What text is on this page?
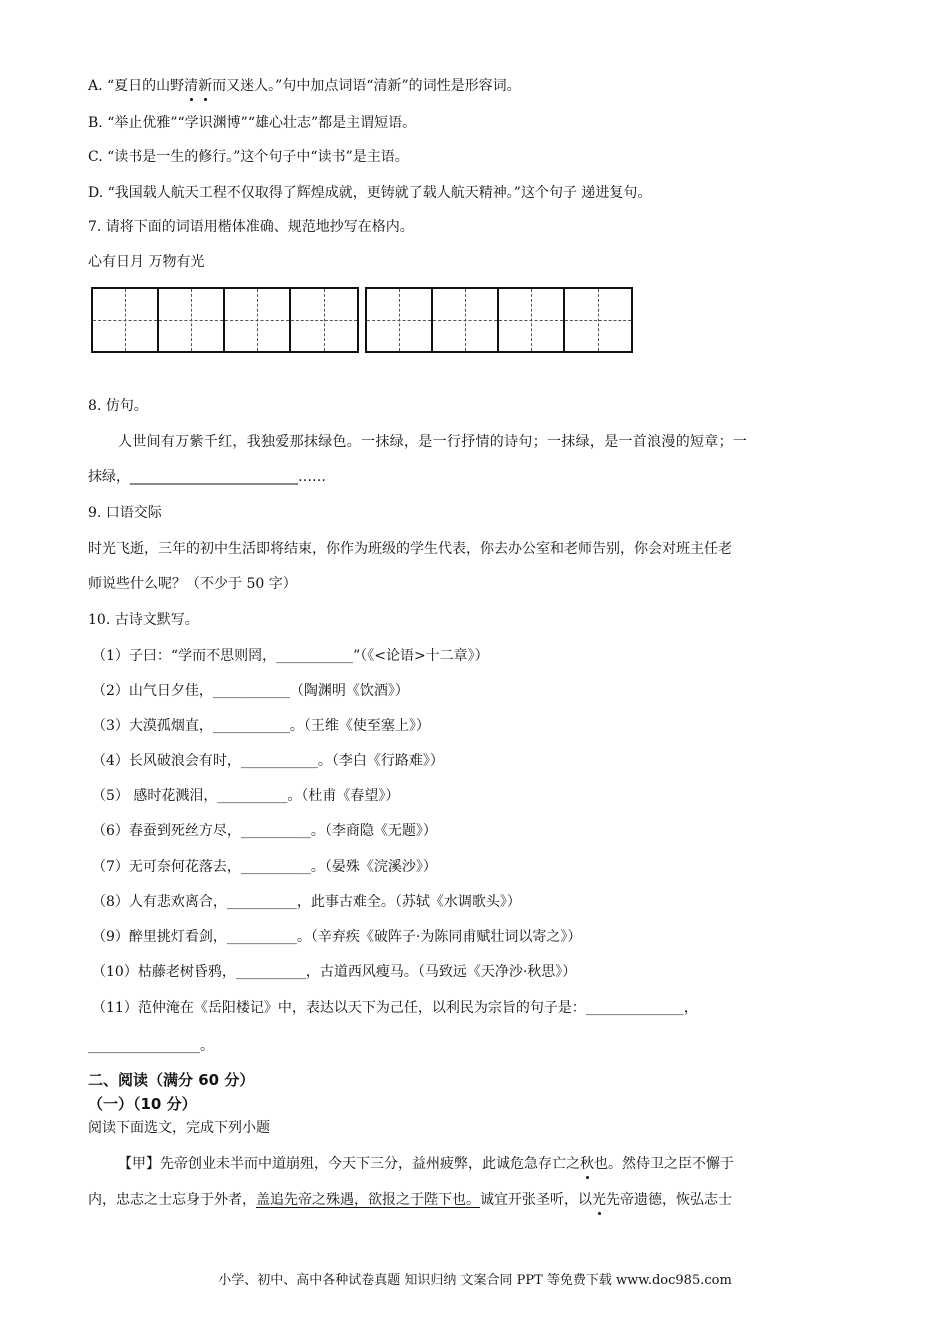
A. “夏日的山野清新而又迷人。”句中加点词语“清新”的词性是形容词。
B. “举止优雅”“学识渊博”“雄心壮志”都是主谓短语。
C. “读书是一生的修行。”这个句子中“读书”是主语。
D. “我国载人航天工程不仅取得了辉煌成就，更铸就了载人航天精神。”这个句子 递进复句。
7. 请将下面的词语用楷体准确、规范地抄写在格内。
心有日月 万物有光
8. 仿句。
人世间有万紫千红，我独爱那抹绿色。一抹绿，是一行抒情的诗句；一抹绿，是一首浪漫的短章；一
抹绿，________________________……
9. 口语交际
时光飞逝，三年的初中生活即将结束，你作为班级的学生代表，你去办公室和老师告别，你会对班主任老
师说些什么呢？（不少于 50 字）
10. 古诗文默写。
（1）子曰：“学而不思则罔，___________”（《<论语>十二章》）
（2）山气日夕佳，___________（陶渊明《饮酒》）
（3）大漠孤烟直，___________。（王维《使至塞上》）
（4）长风破浪会有时，___________。（李白《行路难》）
（5） 感时花溅泪，__________。（杜甫《春望》）
（6）春蚕到死丝方尽，__________。（李商隐《无题》）
（7）无可奈何花落去，__________。（晏殊《浣溪沙》）
（8）人有悲欢离合，__________，此事古难全。（苏轼《水调歌头》）
（9）醉里挑灯看剑，__________。（辛弃疾《破阵子·为陈同甫赋壮词以寄之》）
（10）枯藤老树昏鸦，__________，古道西风瘦马。（马致远《天净沙·秋思》）
（11）范仲淹在《岳阳楼记》中，表达以天下为己任，以利民为宗旨的句子是：______________，
________________。
二、阅读（满分 60 分）
（一）（10 分）
阅读下面选文，完成下列小题
【甲】先帝创业未半而中道崩殂，今天下三分，益州疲弊，此诚危急存亡之秋也。然侍卫之臣不懈于
内，忠志之士忘身于外者，盖追先帝之殊遇，欲报之于陛下也。诚宜开张圣听，以光先帝遗德，恢弘志士
小学、初中、高中各种试卷真题 知识归纳 文案合同 PPT 等免费下载 www.doc985.com
